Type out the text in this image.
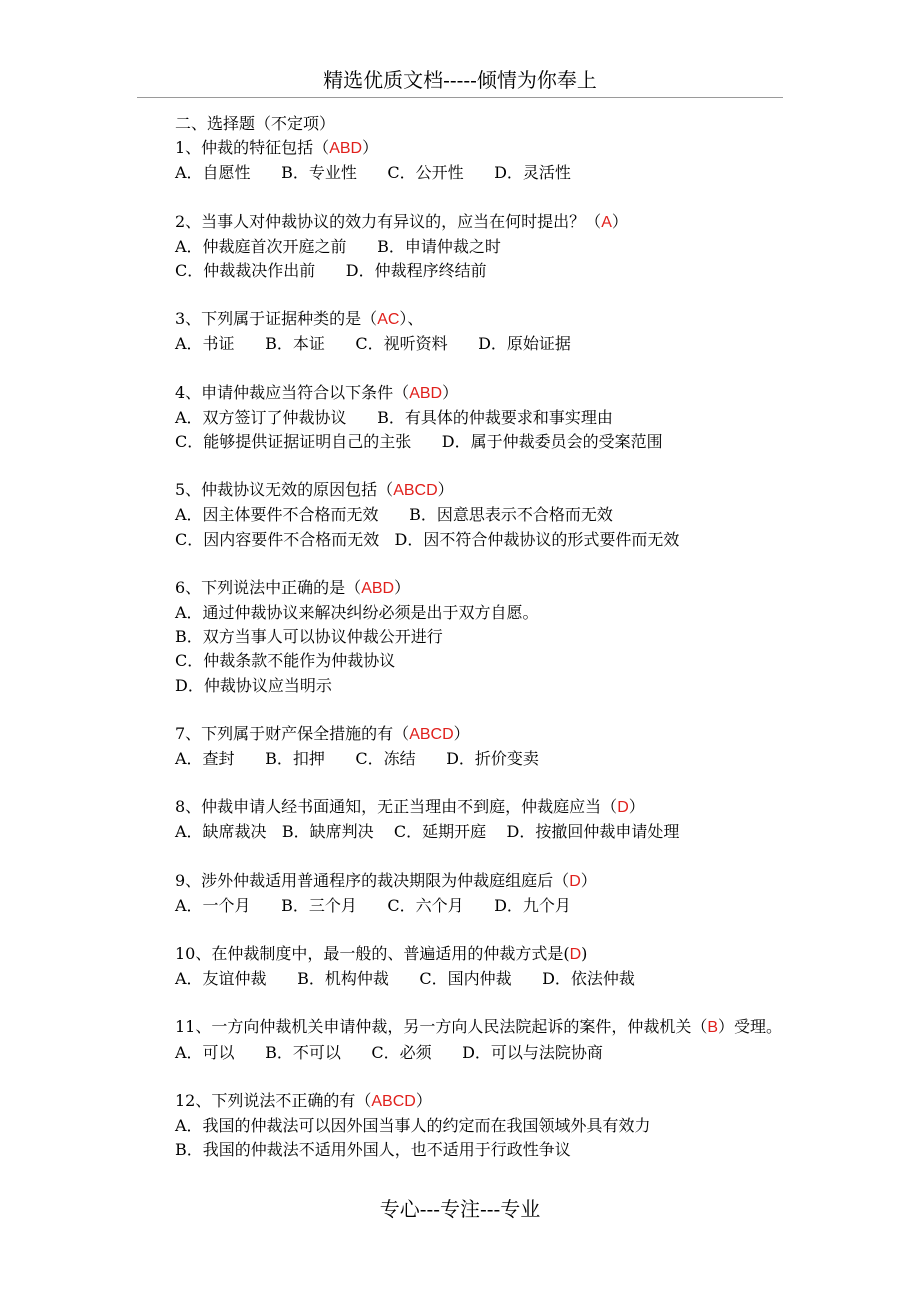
精选优质文档-----倾情为你奉上
二、选择题（不定项）
1、仲裁的特征包括（ABD）
A．自愿性      B．专业性      C．公开性      D．灵活性
2、当事人对仲裁协议的效力有异议的，应当在何时提出？（A）
A．仲裁庭首次开庭之前      B．申请仲裁之时
C．仲裁裁决作出前      D．仲裁程序终结前
3、下列属于证据种类的是（AC）、
A．书证      B．本证      C．视听资料      D．原始证据
4、申请仲裁应当符合以下条件（ABD）
A．双方签订了仲裁协议      B．有具体的仲裁要求和事实理由
C．能够提供证据证明自己的主张      D．属于仲裁委员会的受案范围
5、仲裁协议无效的原因包括（ABCD）
A．因主体要件不合格而无效      B．因意思表示不合格而无效
C．因内容要件不合格而无效   D．因不符合仲裁协议的形式要件而无效
6、下列说法中正确的是（ABD）
A．通过仲裁协议来解决纠纷必须是出于双方自愿。
B．双方当事人可以协议仲裁公开进行
C．仲裁条款不能作为仲裁协议
D．仲裁协议应当明示
7、下列属于财产保全措施的有（ABCD）
A．查封      B．扣押      C．冻结      D．折价变卖
8、仲裁申请人经书面通知，无正当理由不到庭，仲裁庭应当（D）
A．缺席裁决   B．缺席判决    C．延期开庭    D．按撤回仲裁申请处理
9、涉外仲裁适用普通程序的裁决期限为仲裁庭组庭后（D）
A．一个月      B．三个月      C．六个月      D．九个月
10、在仲裁制度中，最一般的、普遍适用的仲裁方式是(D)
A．友谊仲裁      B．机构仲裁      C．国内仲裁      D．依法仲裁
11、一方向仲裁机关申请仲裁，另一方向人民法院起诉的案件，仲裁机关（B）受理。
A．可以      B．不可以      C．必须      D．可以与法院协商
12、下列说法不正确的有（ABCD）
A．我国的仲裁法可以因外国当事人的约定而在我国领域外具有效力
B．我国的仲裁法不适用外国人，也不适用于行政性争议
专心---专注---专业
